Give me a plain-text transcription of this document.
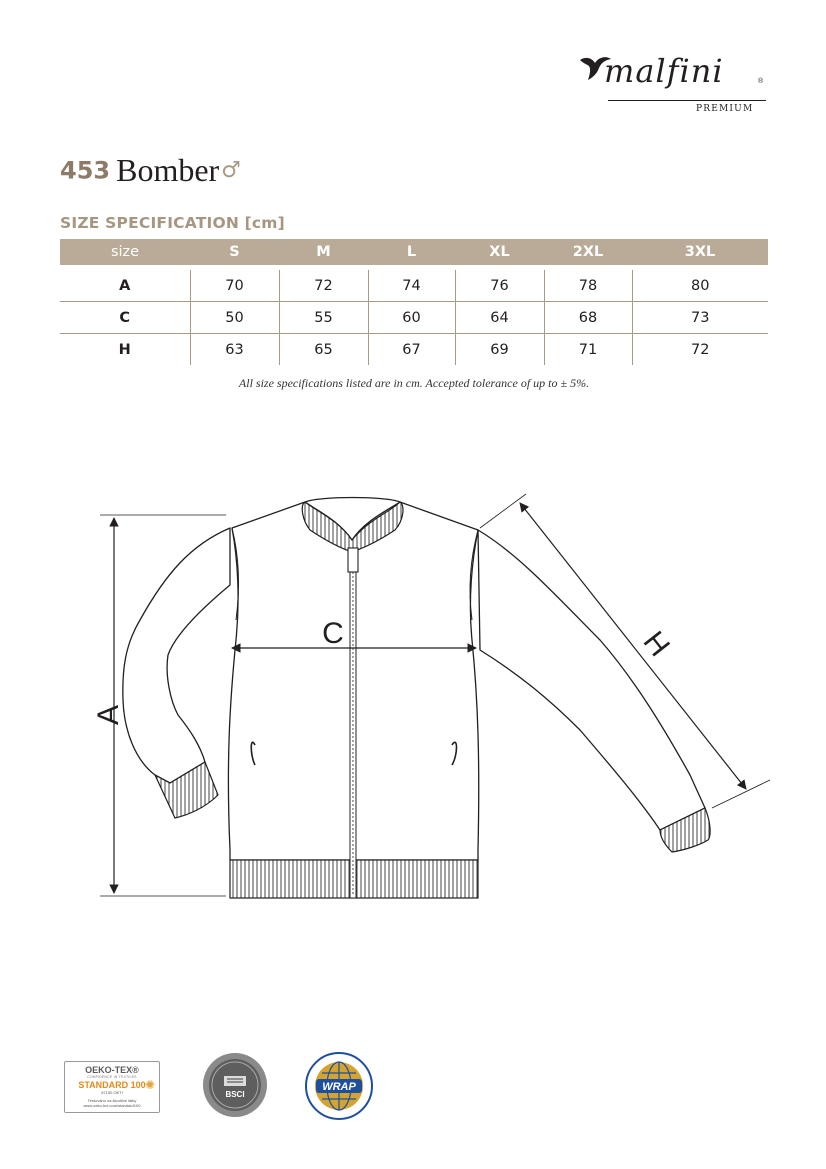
malfini	®
PREMIUM
453 Bomber♂
SIZE SPECIFICATION [cm]
size	S	M	L	XL	2XL	3XL

A	70	72	74	76	78	80
C	50	55	60	64	68	73
H	63	65	67	69	71	72
All size specifications listed are in cm. Accepted tolerance of up to ± 5%.
A
C	H
OEKO-TEX®
CONFIDENCE IN TEXTILES
STANDARD 100
67150 OETI
Testováno na škodlivé látky
www.oeko-tex.com/standard100
✺
BSCI
WRAP
